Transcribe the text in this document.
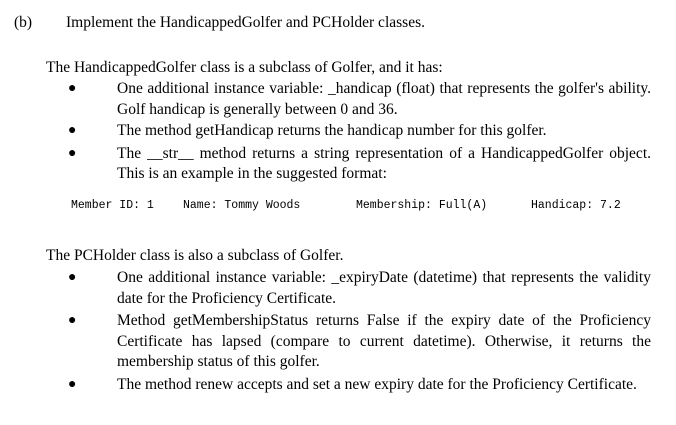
(b) Implement the HandicappedGolfer and PCHolder classes.
The HandicappedGolfer class is a subclass of Golfer, and it has:
●	One additional instance variable: _handicap (float) that represents the golfer's ability. Golf handicap is generally between 0 and 36.
●	The method getHandicap returns the handicap number for this golfer.
●	The __str__ method returns a string representation of a HandicappedGolfer object. This is an example in the suggested format:
Member ID: 1	Name: Tommy Woods	Membership: Full(A)	Handicap: 7.2
The PCHolder class is also a subclass of Golfer.
●	One additional instance variable: _expiryDate (datetime) that represents the validity date for the Proficiency Certificate.
●	Method getMembershipStatus returns False if the expiry date of the Proficiency Certificate has lapsed (compare to current datetime). Otherwise, it returns the membership status of this golfer.
●	The method renew accepts and set a new expiry date for the Proficiency Certificate.
